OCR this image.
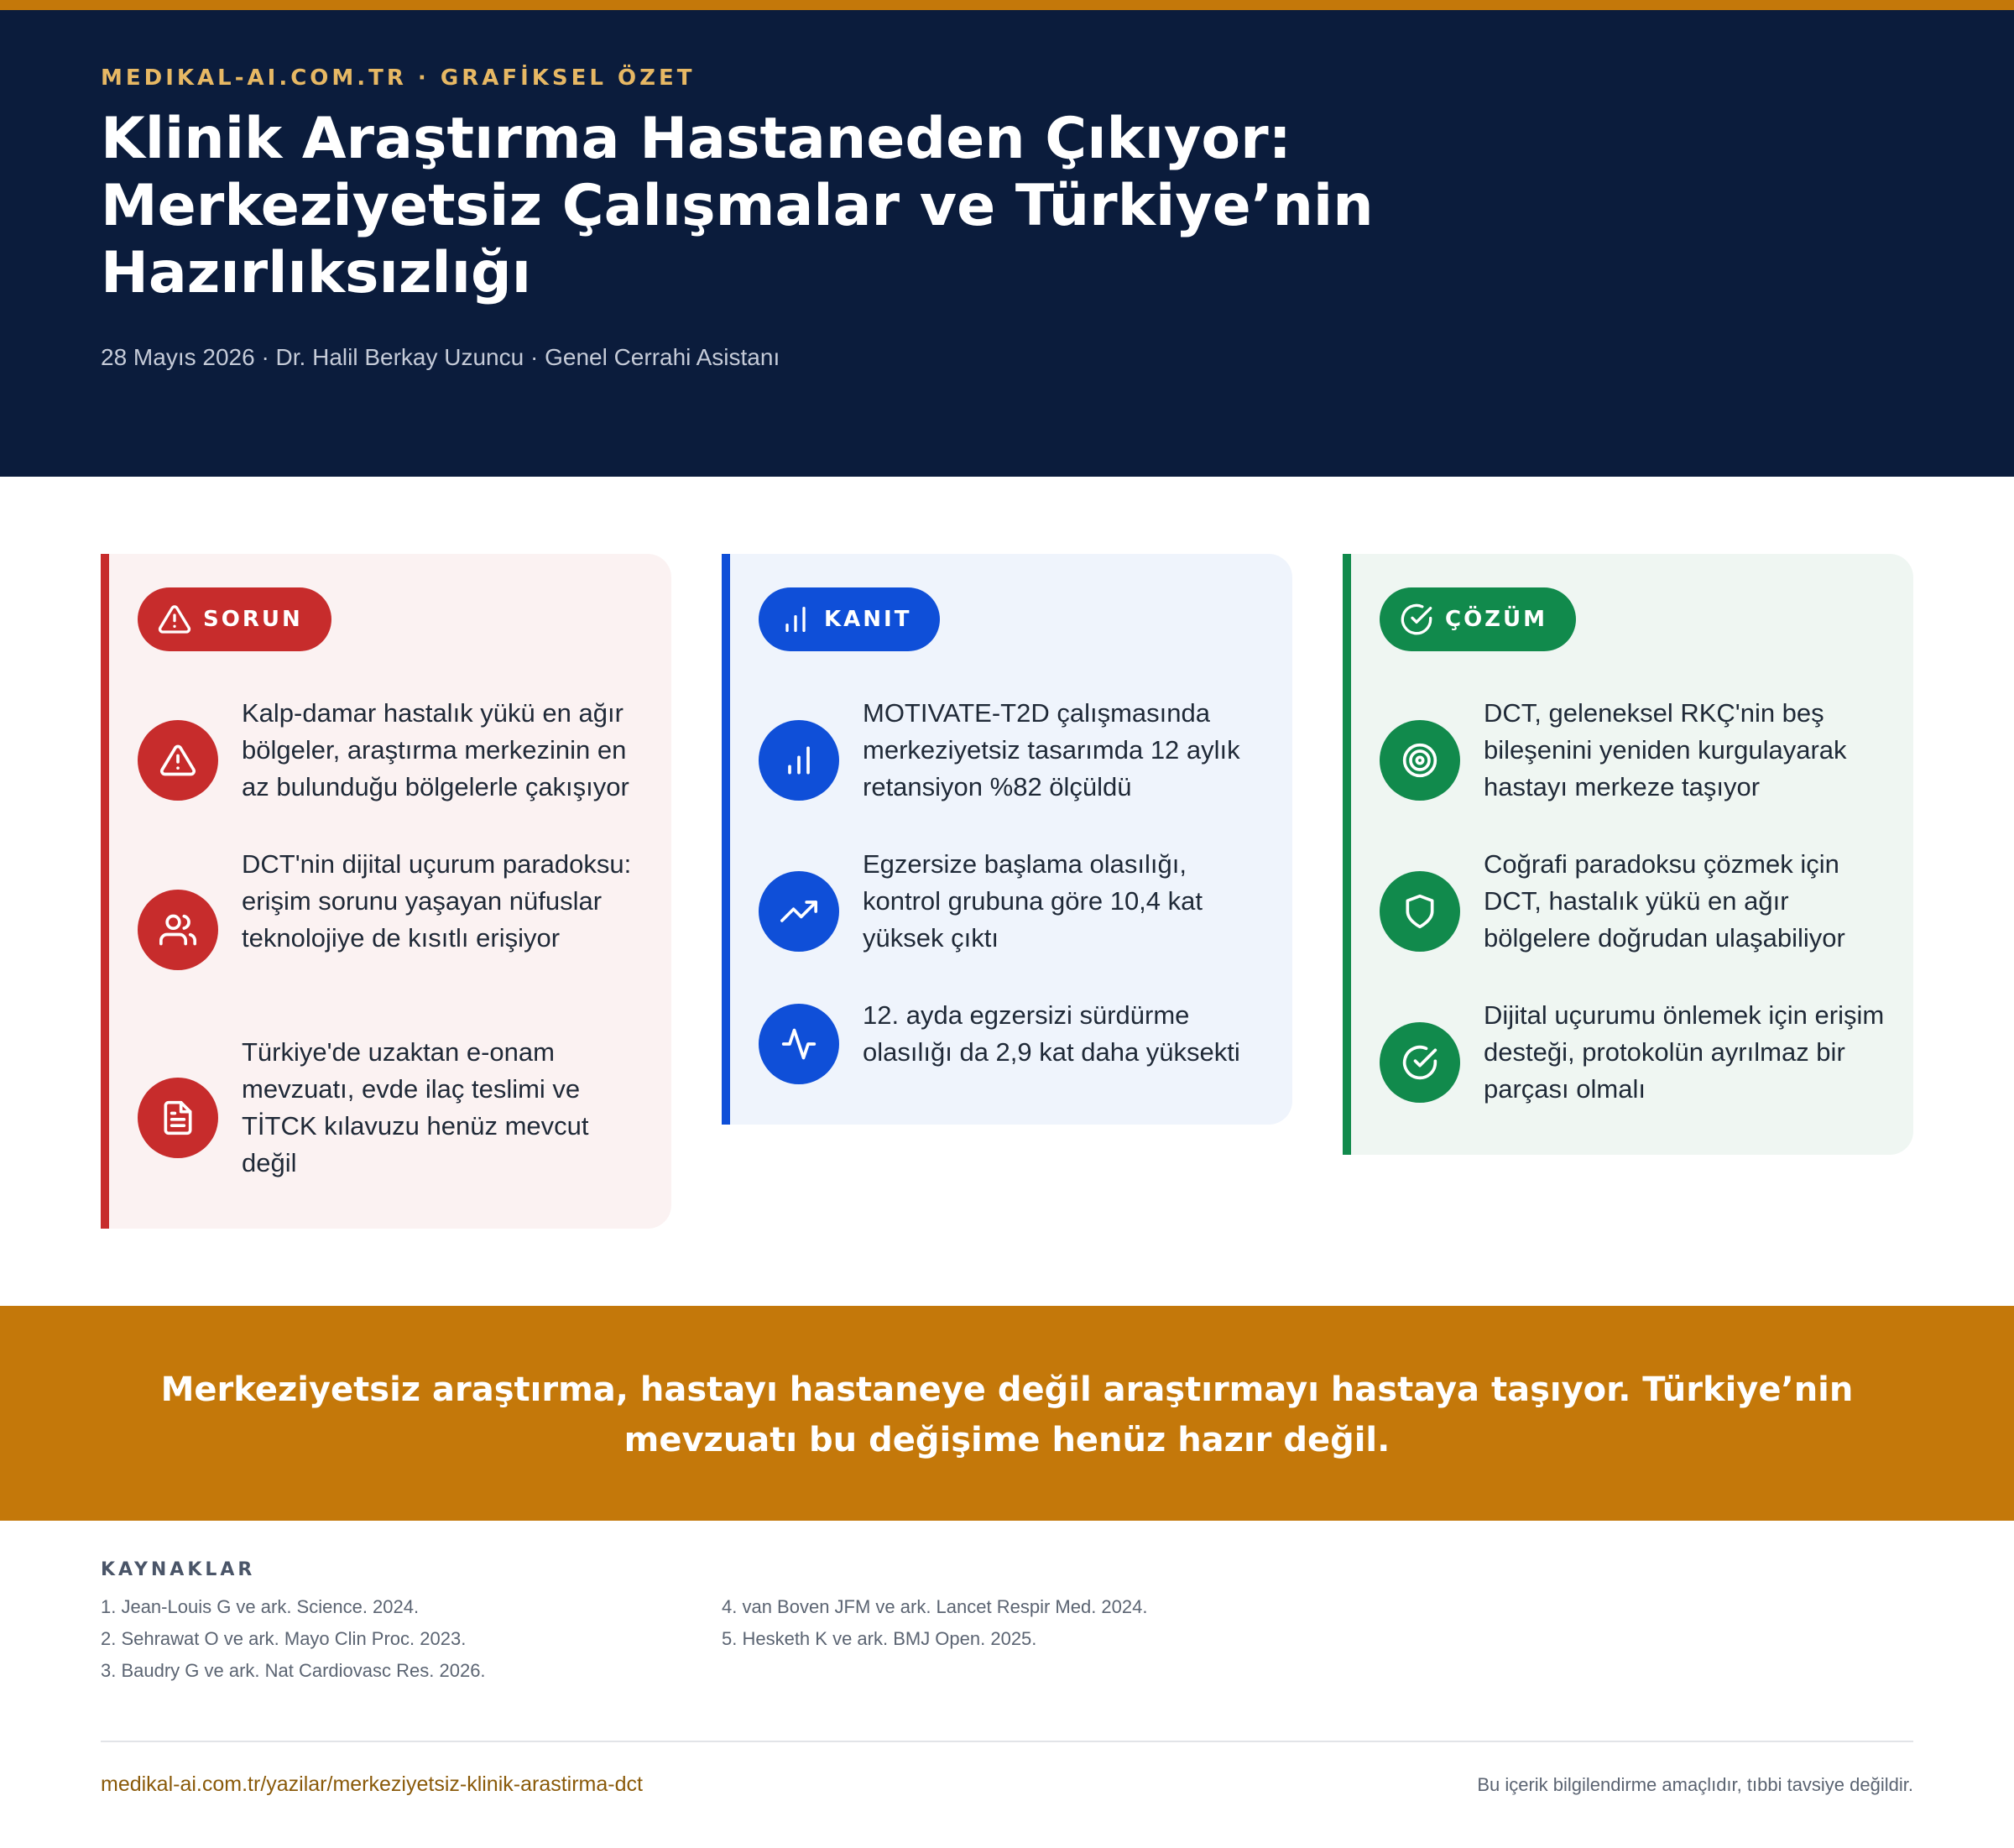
MEDIKAL-AI.COM.TR · GRAFİKSEL ÖZET
Klinik Araştırma Hastaneden Çıkıyor:
Merkeziyetsiz Çalışmalar ve Türkiye’nin
Hazırlıksızlığı
28 Mayıs 2026 · Dr. Halil Berkay Uzuncu · Genel Cerrahi Asistanı
SORUN
Kalp-damar hastalık yükü en ağır bölgeler, araştırma merkezinin en az bulunduğu bölgelerle çakışıyor
DCT'nin dijital uçurum paradoksu: erişim sorunu yaşayan nüfuslar teknolojiye de kısıtlı erişiyor
Türkiye'de uzaktan e-onam mevzuatı, evde ilaç teslimi ve TİTCK kılavuzu henüz mevcut değil
KANIT
MOTIVATE-T2D çalışmasında merkeziyetsiz tasarımda 12 aylık retansiyon %82 ölçüldü
Egzersize başlama olasılığı, kontrol grubuna göre 10,4 kat yüksek çıktı
12. ayda egzersizi sürdürme olasılığı da 2,9 kat daha yüksekti
ÇÖZÜM
DCT, geleneksel RKÇ'nin beş bileşenini yeniden kurgulayarak hastayı merkeze taşıyor
Coğrafi paradoksu çözmek için DCT, hastalık yükü en ağır bölgelere doğrudan ulaşabiliyor
Dijital uçurumu önlemek için erişim desteği, protokolün ayrılmaz bir parçası olmalı

Merkeziyetsiz araştırma, hastayı hastaneye değil araştırmayı hastaya taşıyor. Türkiye’nin mevzuatı bu değişime henüz hazır değil.

KAYNAKLAR
1. Jean-Louis G ve ark. Science. 2024.
2. Sehrawat O ve ark. Mayo Clin Proc. 2023.
3. Baudry G ve ark. Nat Cardiovasc Res. 2026.
4. van Boven JFM ve ark. Lancet Respir Med. 2024.
5. Hesketh K ve ark. BMJ Open. 2025.
medikal-ai.com.tr/yazilar/merkeziyetsiz-klinik-arastirma-dct	Bu içerik bilgilendirme amaçlıdır, tıbbi tavsiye değildir.
